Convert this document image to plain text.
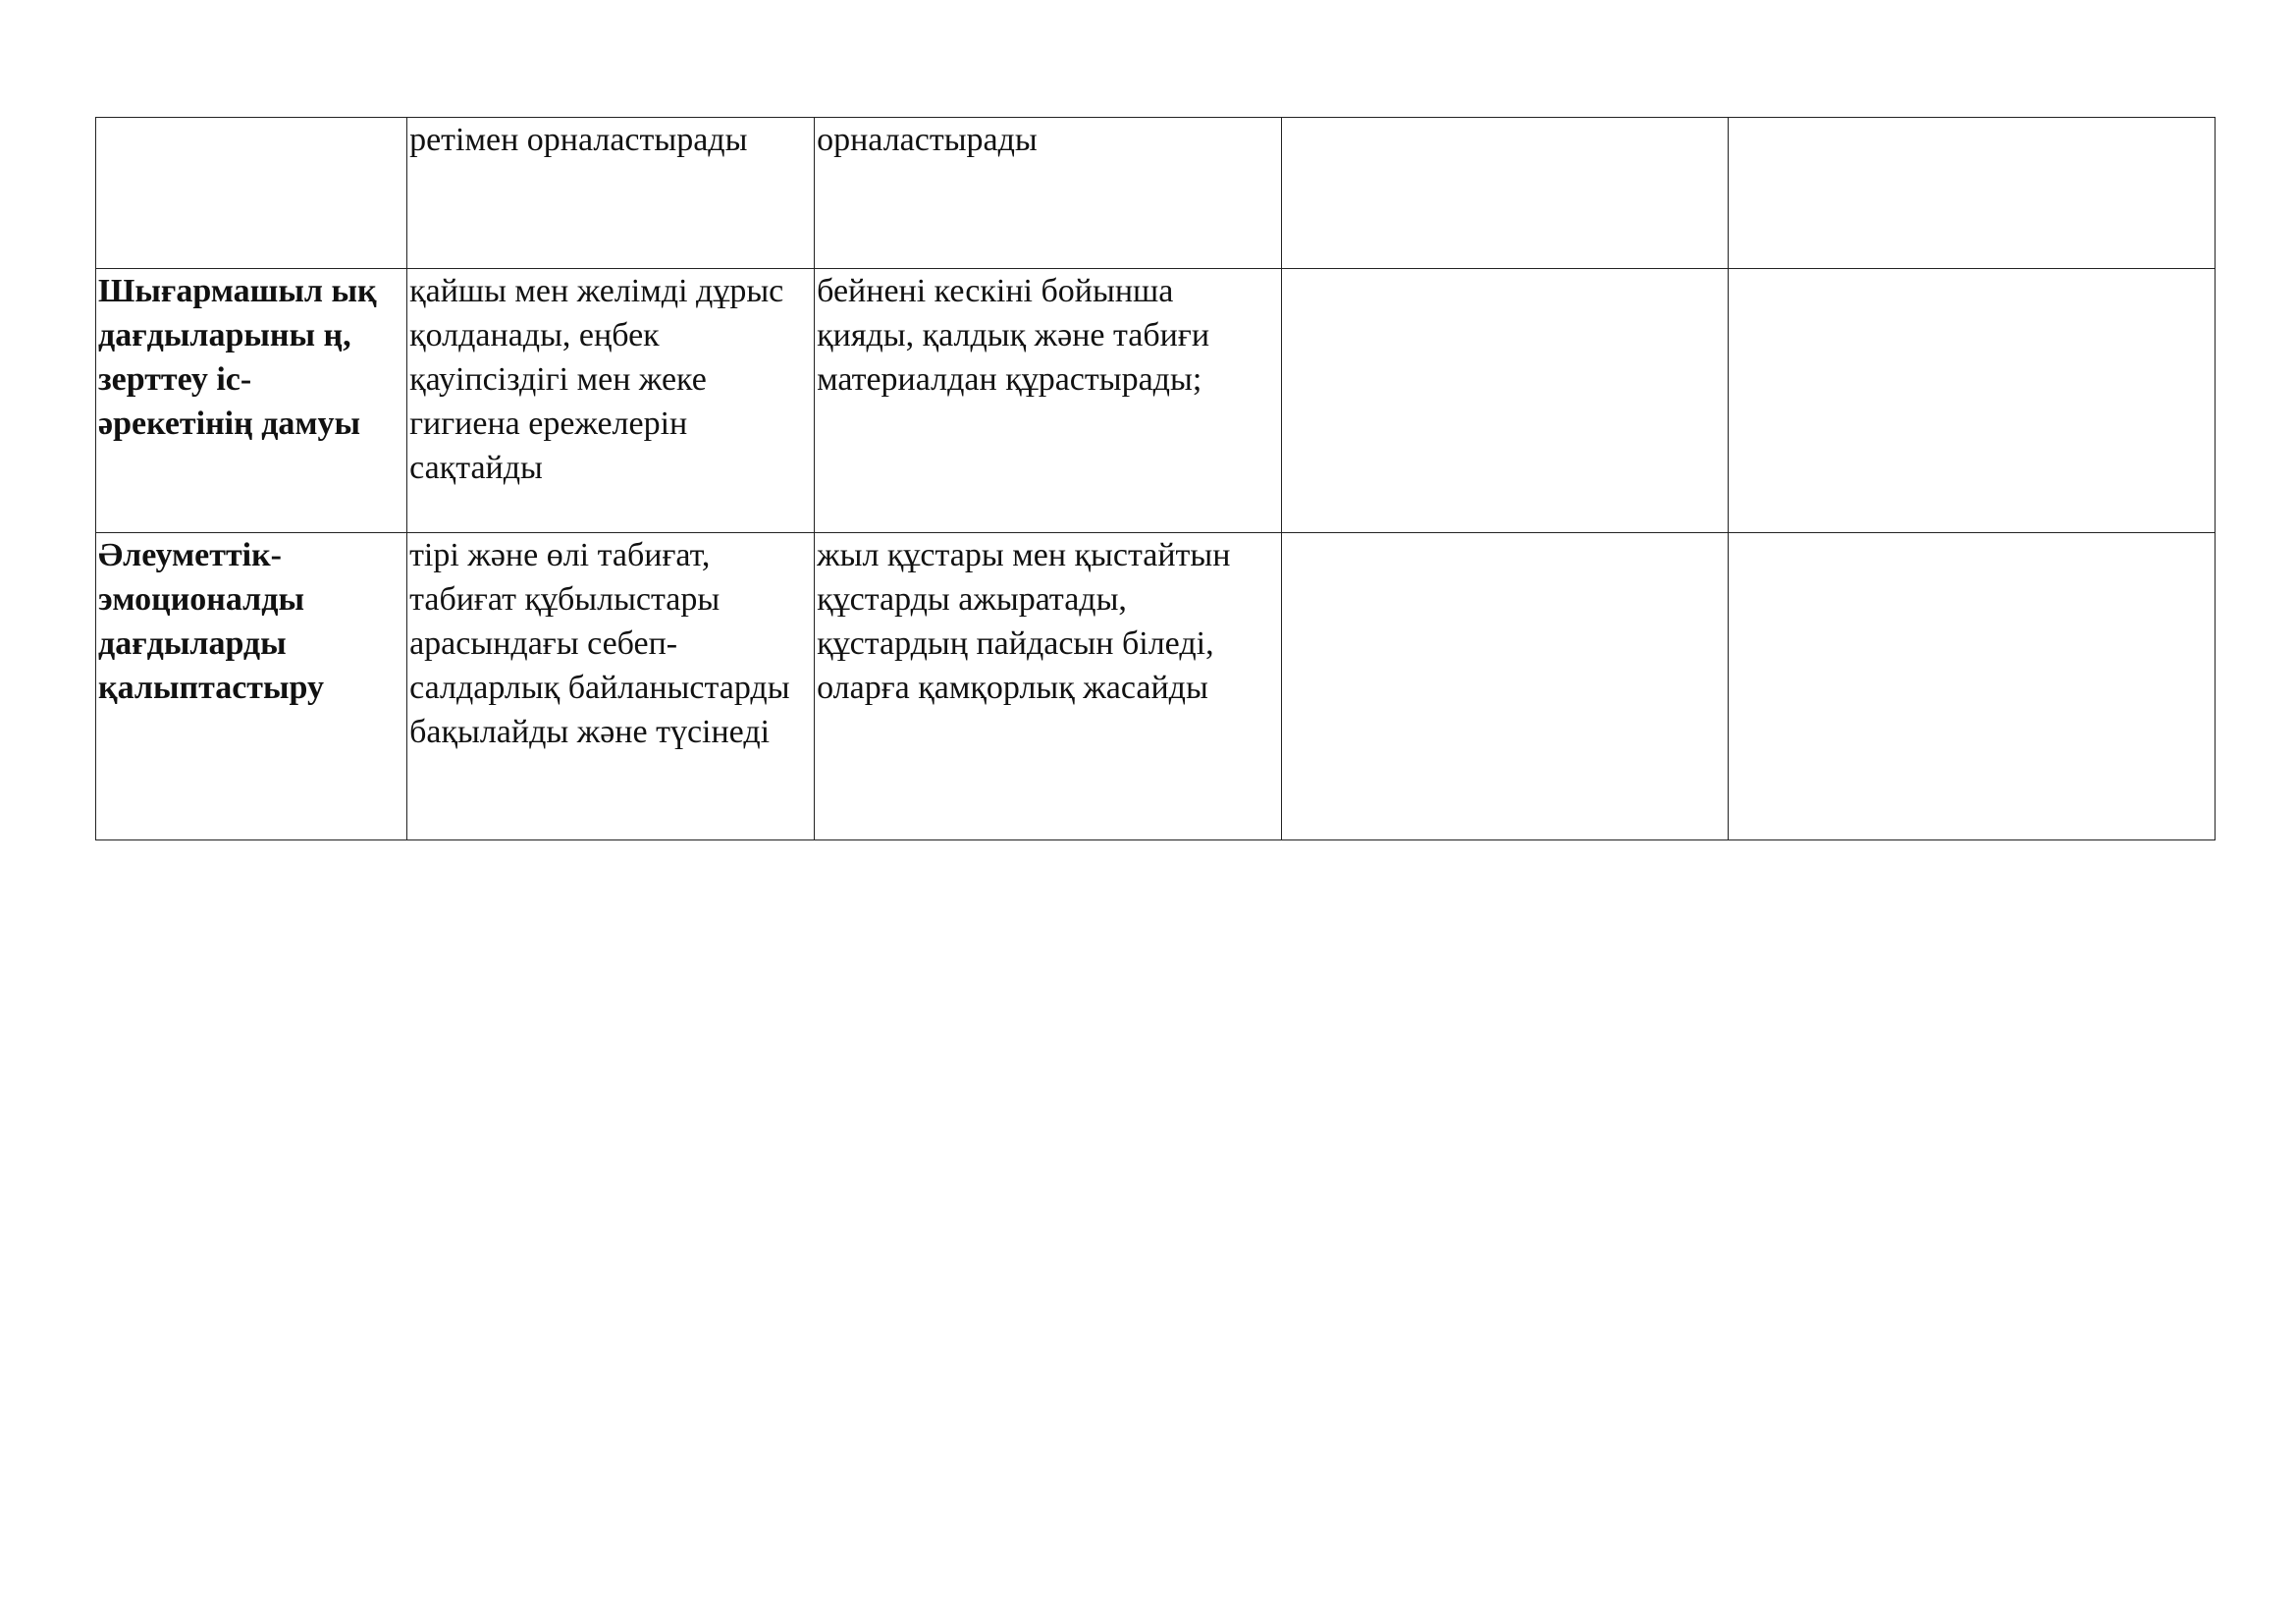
	ретімен орналастырады	орналастырады		

Шығармашыл ық дағдыларыны ң, зерттеу іс-әрекетінің дамуы	қайшы мен желімді дұрыс қолданады, еңбек қауіпсіздігі мен жеке гигиена ережелерін сақтайды	бейнені кескіні бойынша қияды, қалдық және табиғи материалдан құрастырады;		

Әлеуметтік-эмоционалды дағдыларды қалыптастыру	тірі және өлі табиғат, табиғат құбылыстары арасындағы себеп-салдарлық байланыстарды бақылайды және түсінеді	жыл құстары мен қыстайтын құстарды ажыратады, құстардың пайдасын біледі, оларға қамқорлық жасайды		
